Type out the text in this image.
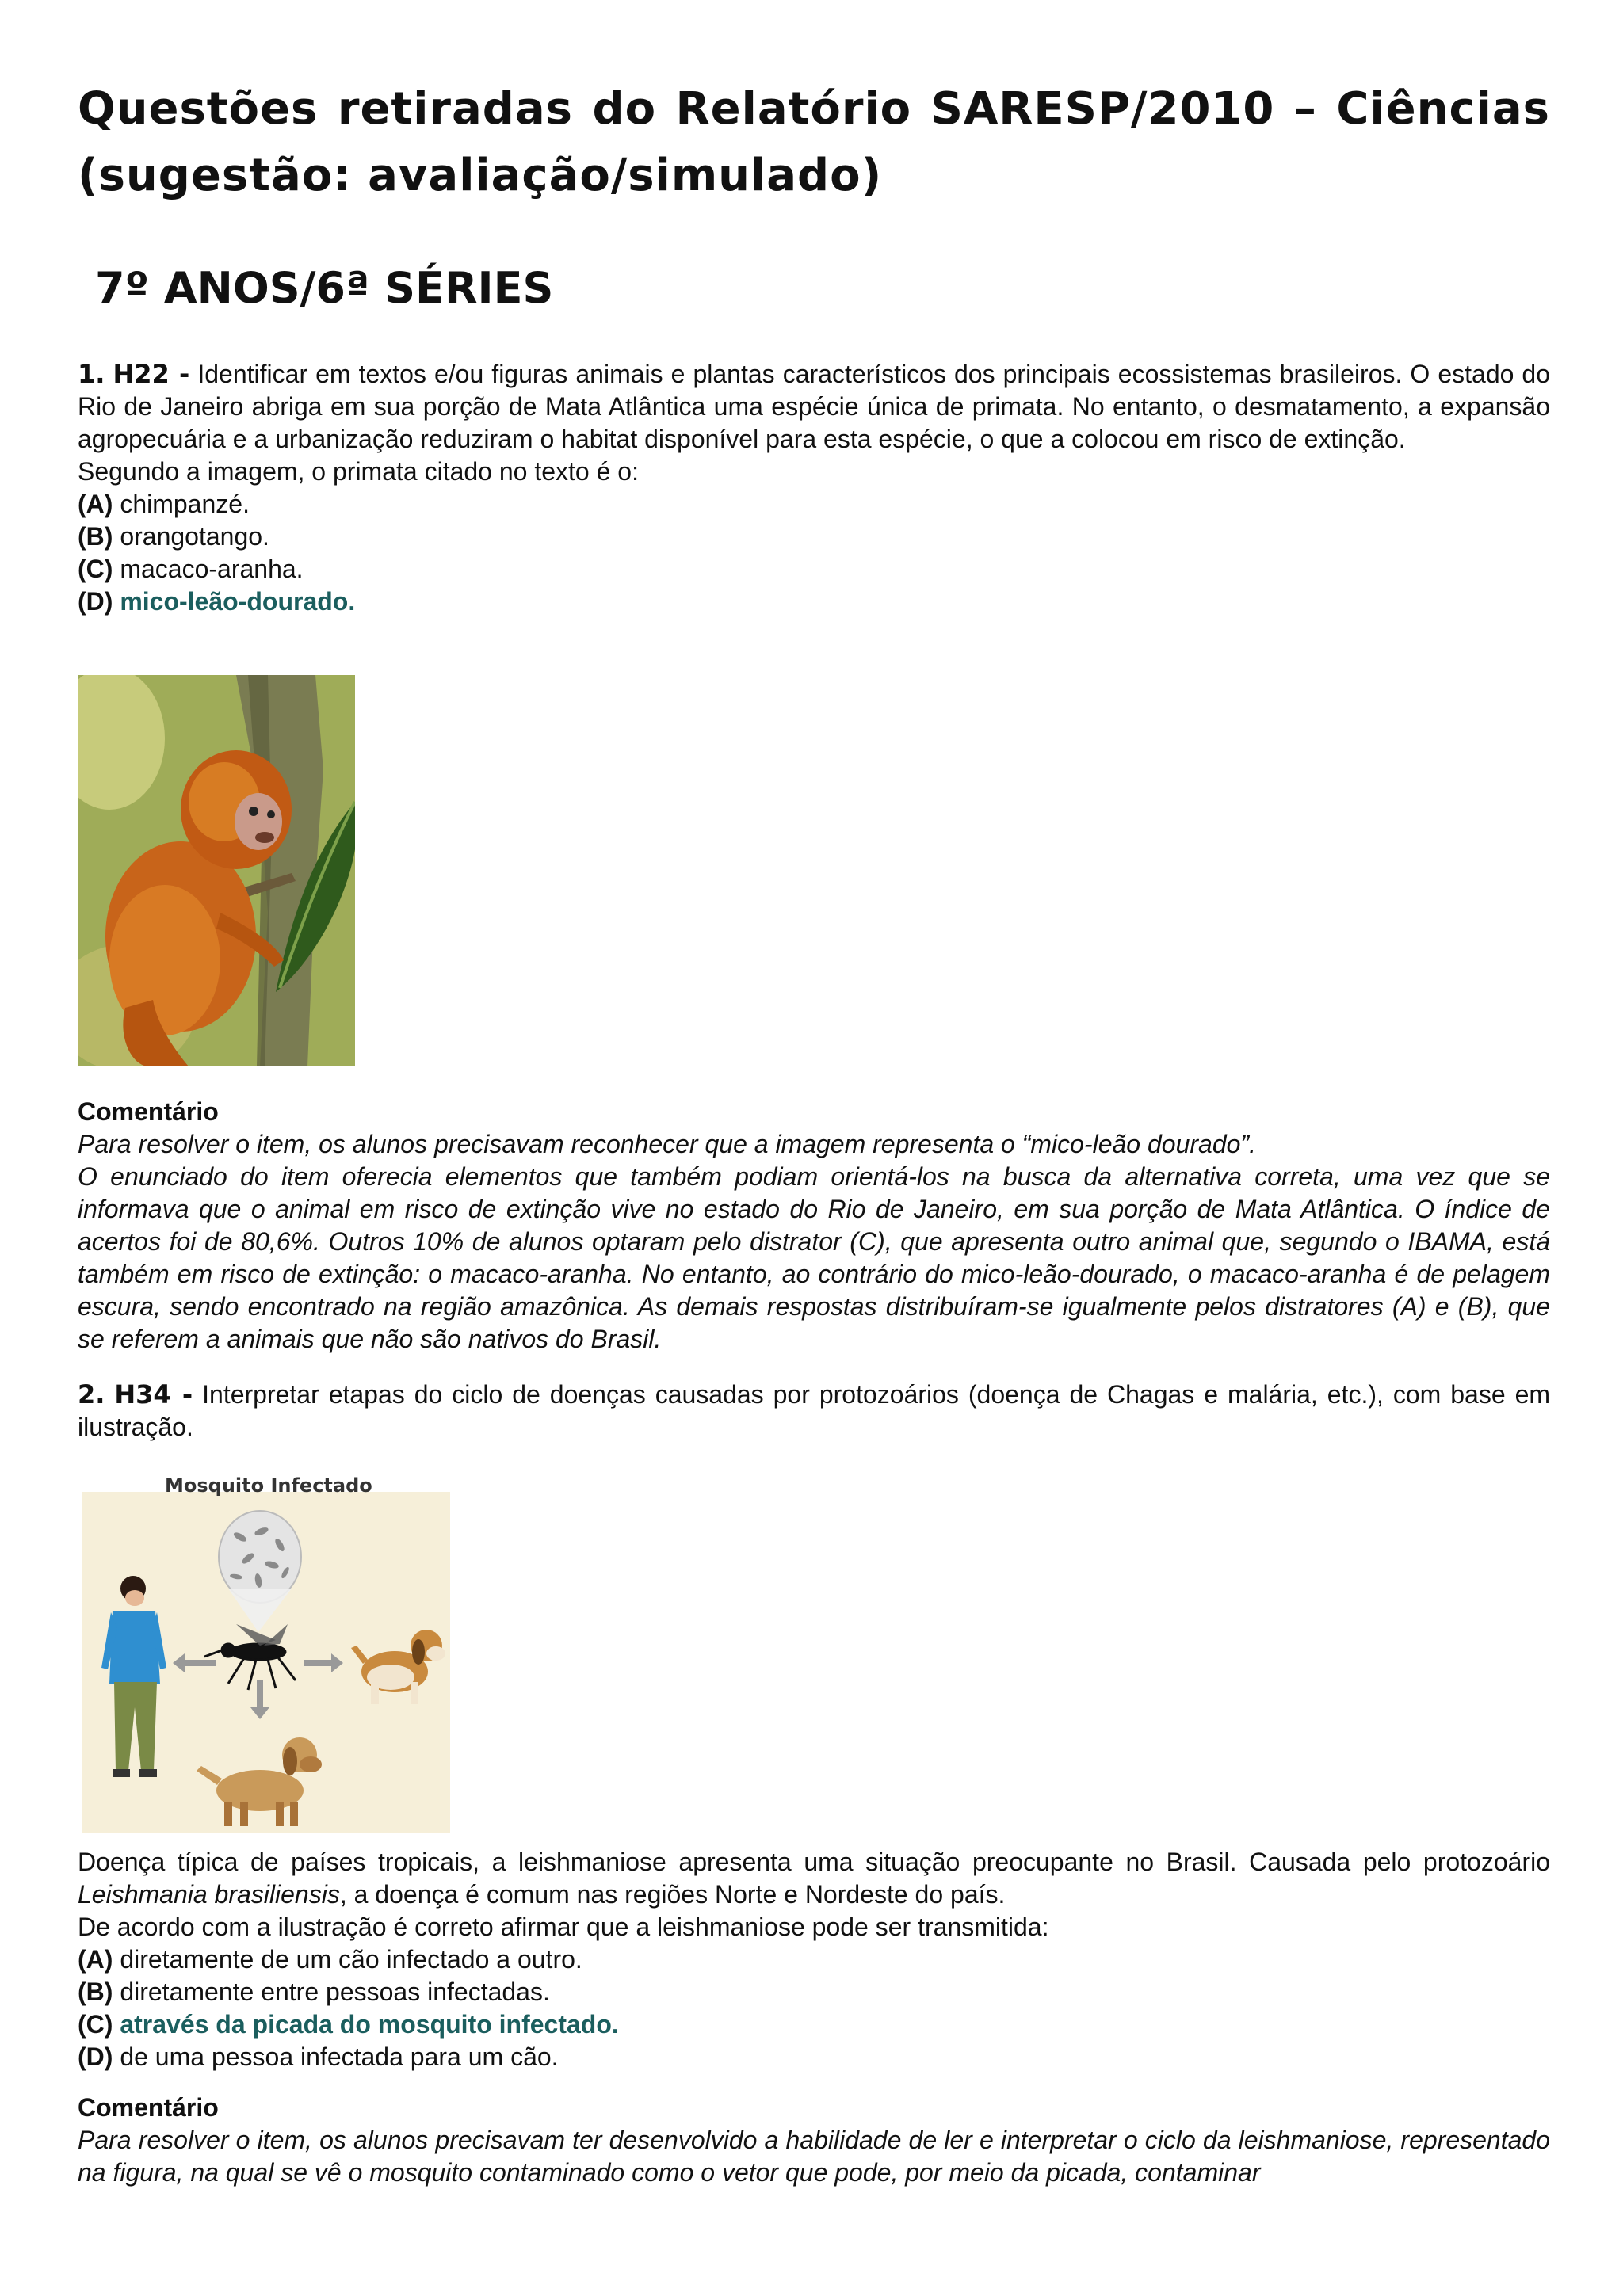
Questões retiradas do Relatório SARESP/2010 – Ciências (sugestão: avaliação/simulado)
7º ANOS/6ª SÉRIES

1. H22 - Identificar em textos e/ou figuras animais e plantas característicos dos principais ecossistemas brasileiros. O estado do Rio de Janeiro abriga em sua porção de Mata Atlântica uma espécie única de primata. No entanto, o desmatamento, a expansão agropecuária e a urbanização reduziram o habitat disponível para esta espécie, o que a colocou em risco de extinção.

Segundo a imagem, o primata citado no texto é o:

(A) chimpanzé.

(B) orangotango.

(C) macaco-aranha.

(D) mico-leão-dourado.

Comentário

Para resolver o item, os alunos precisavam reconhecer que a imagem representa o “mico-leão dourado”.

O enunciado do item oferecia elementos que também podiam orientá-los na busca da alternativa correta, uma vez que se informava que o animal em risco de extinção vive no estado do Rio de Janeiro, em sua porção de Mata Atlântica. O índice de acertos foi de 80,6%. Outros 10% de alunos optaram pelo distrator (C), que apresenta outro animal que, segundo o IBAMA, está também em risco de extinção: o macaco-aranha. No entanto, ao contrário do mico-leão-dourado, o macaco-aranha é de pelagem escura, sendo encontrado na região amazônica. As demais respostas distribuíram-se igualmente pelos distratores (A) e (B), que se referem a animais que não são nativos do Brasil.

2. H34 - Interpretar etapas do ciclo de doenças causadas por protozoários (doença de Chagas e malária, etc.), com base em ilustração.

Mosquito Infectado

Doença típica de países tropicais, a leishmaniose apresenta uma situação preocupante no Brasil. Causada pelo protozoário Leishmania brasiliensis, a doença é comum nas regiões Norte e Nordeste do país.

De acordo com a ilustração é correto afirmar que a leishmaniose pode ser transmitida:

(A) diretamente de um cão infectado a outro.

(B) diretamente entre pessoas infectadas.

(C) através da picada do mosquito infectado.

(D) de uma pessoa infectada para um cão.

Comentário

Para resolver o item, os alunos precisavam ter desenvolvido a habilidade de ler e interpretar o ciclo da leishmaniose, representado na figura, na qual se vê o mosquito contaminado como o vetor que pode, por meio da picada, contaminar
